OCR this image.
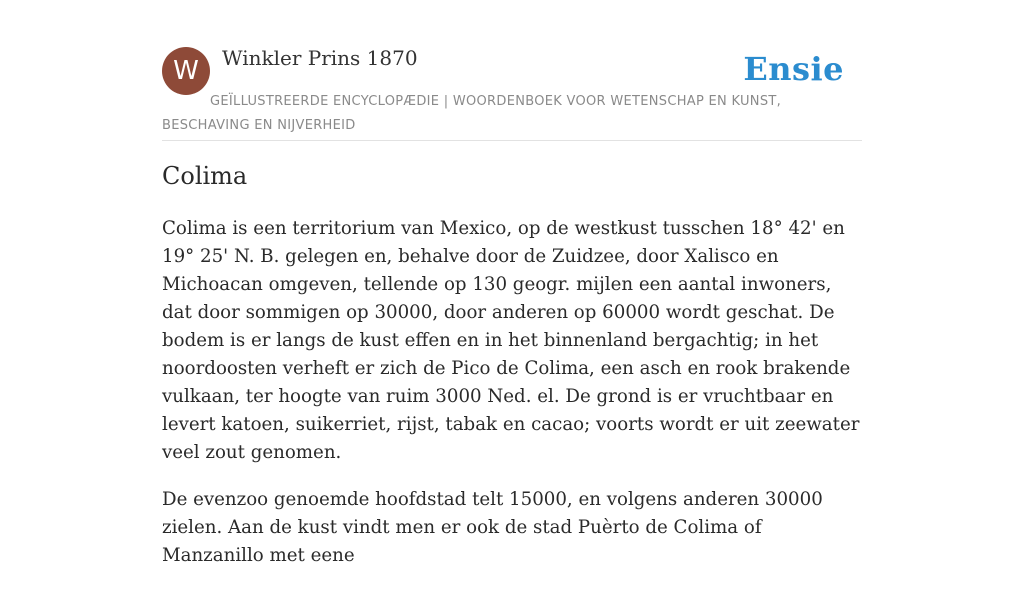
W	Winkler Prins 1870	Ensie
GEÏLLUSTREERDE ENCYCLOPÆDIE | WOORDENBOEK VOOR WETENSCHAP EN KUNST, BESCHAVING EN NIJVERHEID
Colima

Colima is een territorium van Mexico, op de westkust tusschen 18° 42' en 19° 25' N. B. gelegen en, behalve door de Zuidzee, door Xalisco en Michoacan omgeven, tellende op 130 geogr. mijlen een aantal inwoners, dat door sommigen op 30000, door anderen op 60000 wordt geschat. De bodem is er langs de kust effen en in het binnenland bergachtig; in het noordoosten verheft er zich de Pico de Colima, een asch en rook brakende vulkaan, ter hoogte van ruim 3000 Ned. el. De grond is er vruchtbaar en levert katoen, suikerriet, rijst, tabak en cacao; voorts wordt er uit zeewater veel zout genomen.

De evenzoo genoemde hoofdstad telt 15000, en volgens anderen 30000 zielen. Aan de kust vindt men er ook de stad Puèrto de Colima of Manzanillo met eene
